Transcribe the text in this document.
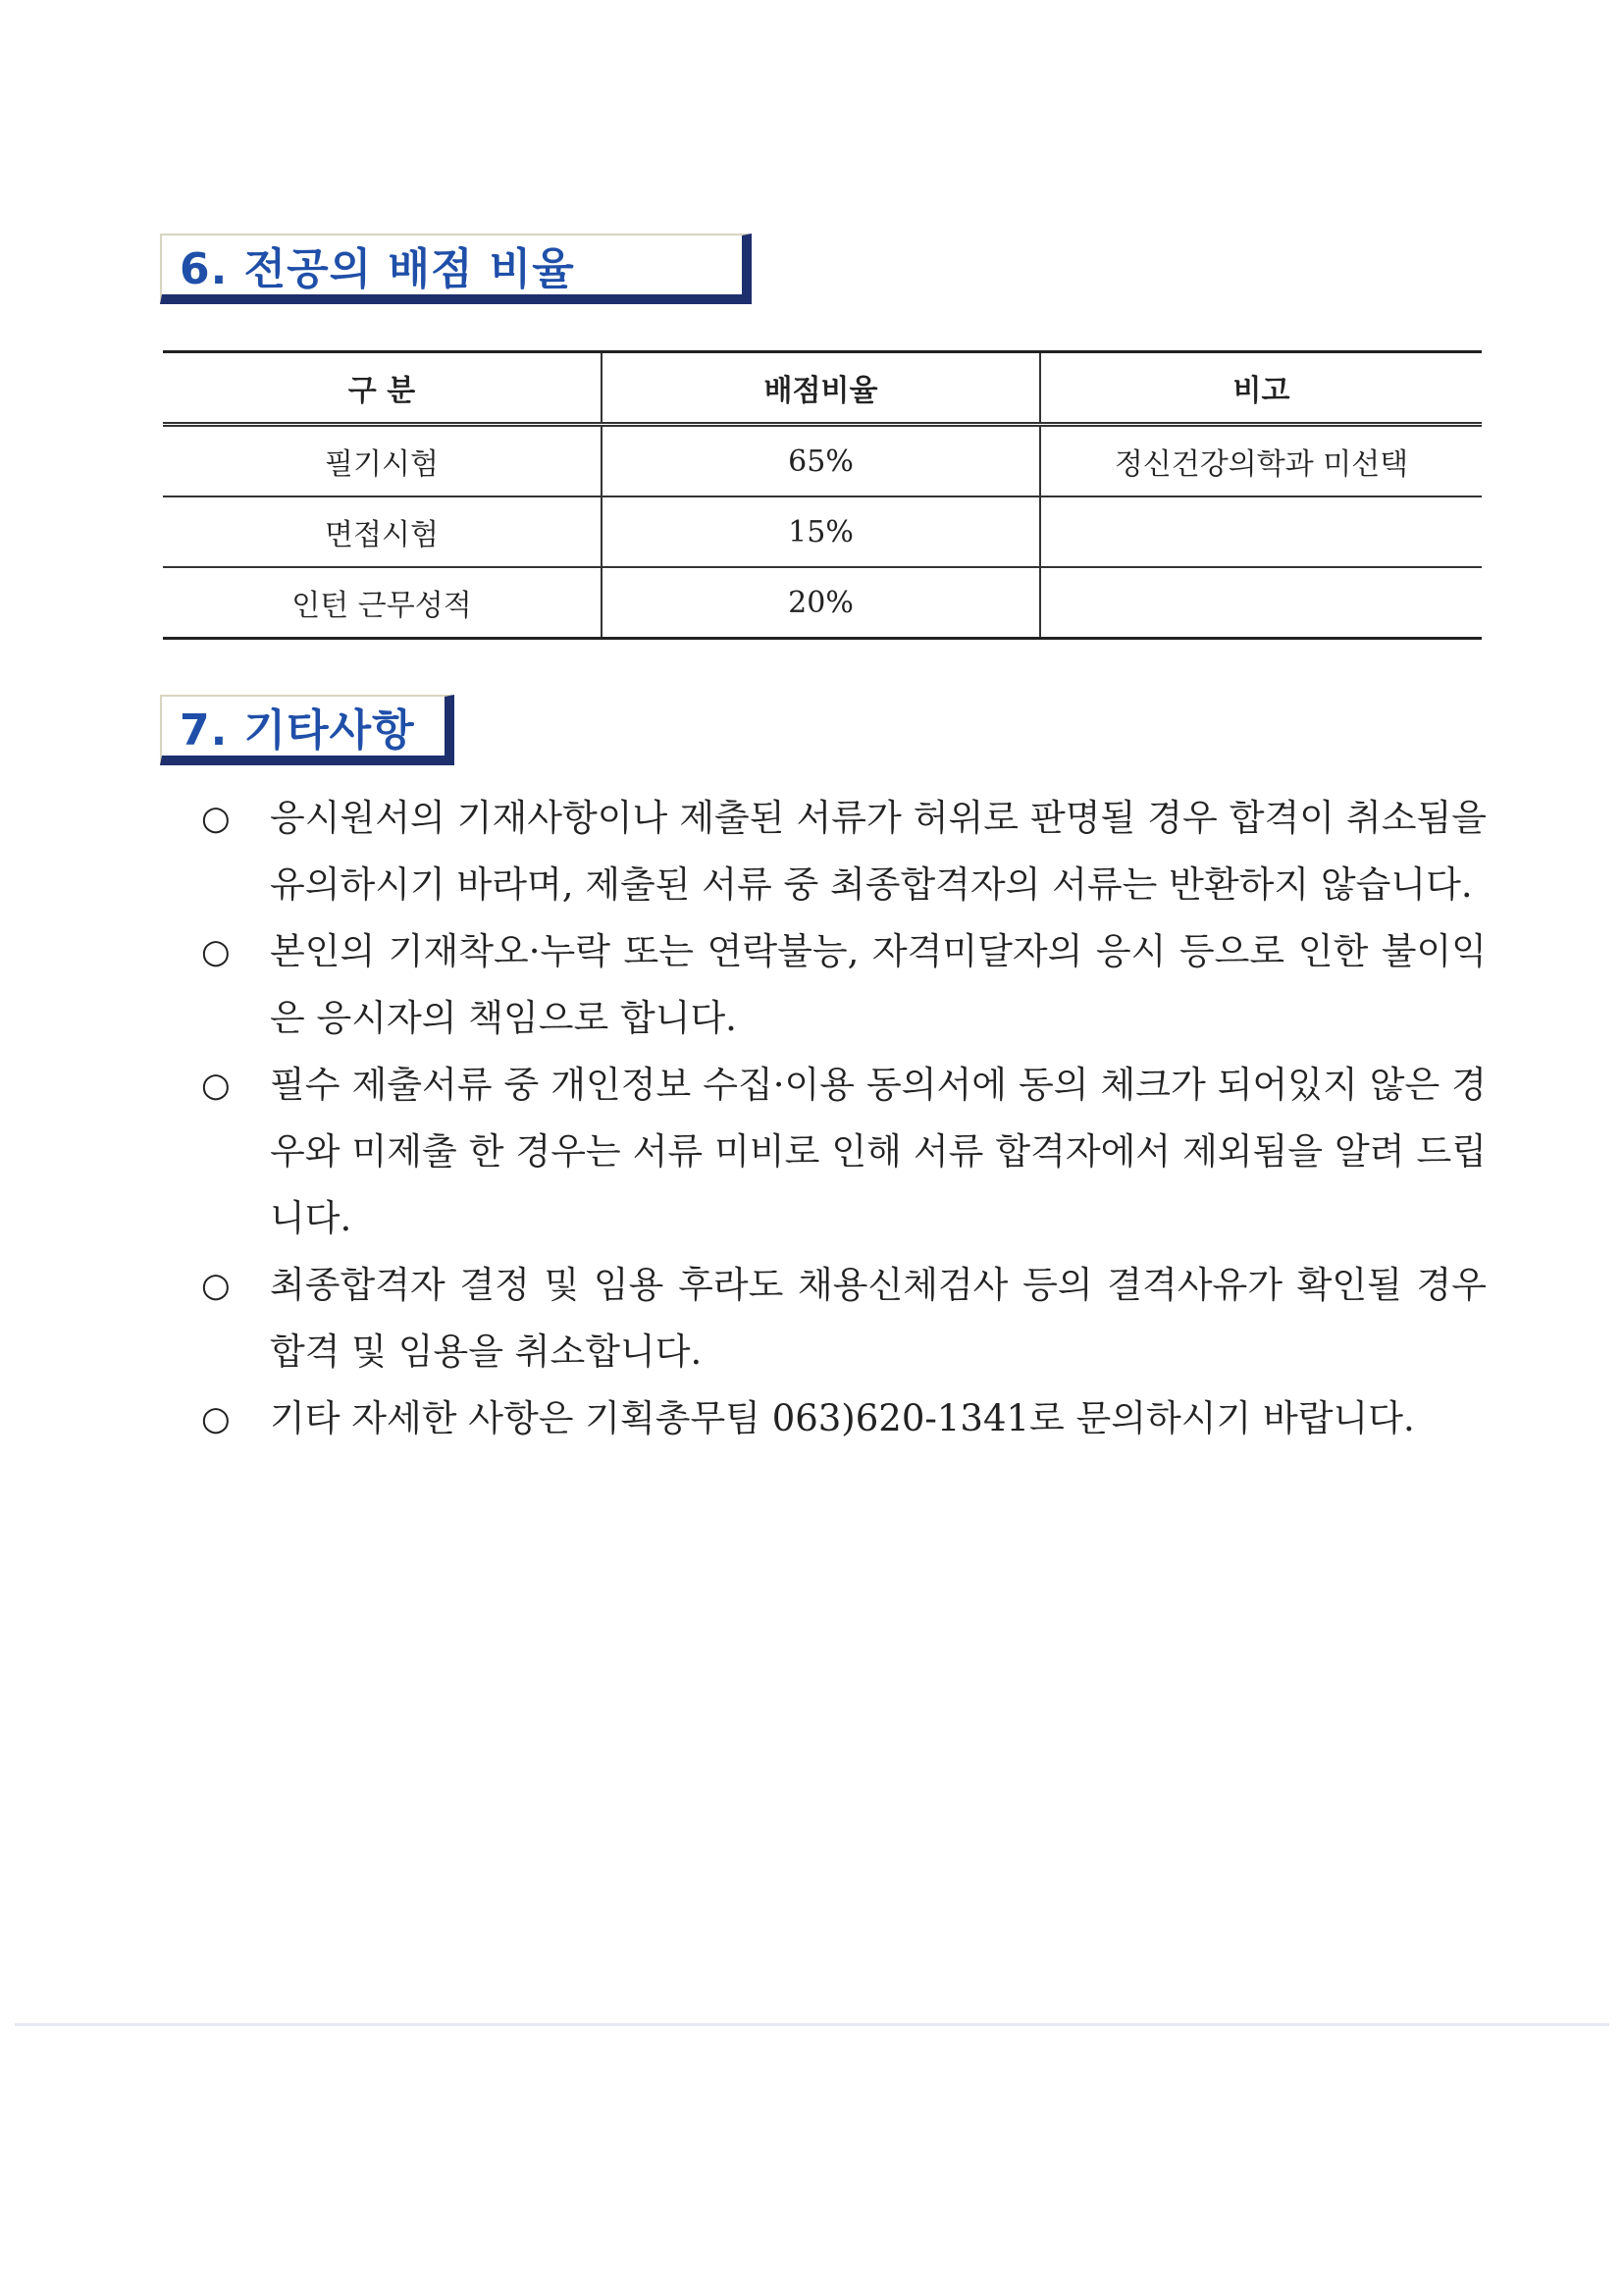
6. 전공의 배점 비율
구 분	배점비율	비고
필기시험	65%	정신건강의학과 미선택
면접시험	15%	
인턴 근무성적	20%	
7. 기타사항
○	응시원서의 기재사항이나 제출된 서류가 허위로 판명될 경우 합격이 취소됨을 유의하시기 바라며, 제출된 서류 중 최종합격자의 서류는 반환하지 않습니다.
○	본인의 기재착오·누락 또는 연락불능, 자격미달자의 응시 등으로 인한 불이익은 응시자의 책임으로 합니다.
○	필수 제출서류 중 개인정보 수집·이용 동의서에 동의 체크가 되어있지 않은 경우와 미제출 한 경우는 서류 미비로 인해 서류 합격자에서 제외됨을 알려 드립니다.
○	최종합격자 결정 및 임용 후라도 채용신체검사 등의 결격사유가 확인될 경우 합격 및 임용을 취소합니다.
○	기타 자세한 사항은 기획총무팀 063)620-1341로 문의하시기 바랍니다.
